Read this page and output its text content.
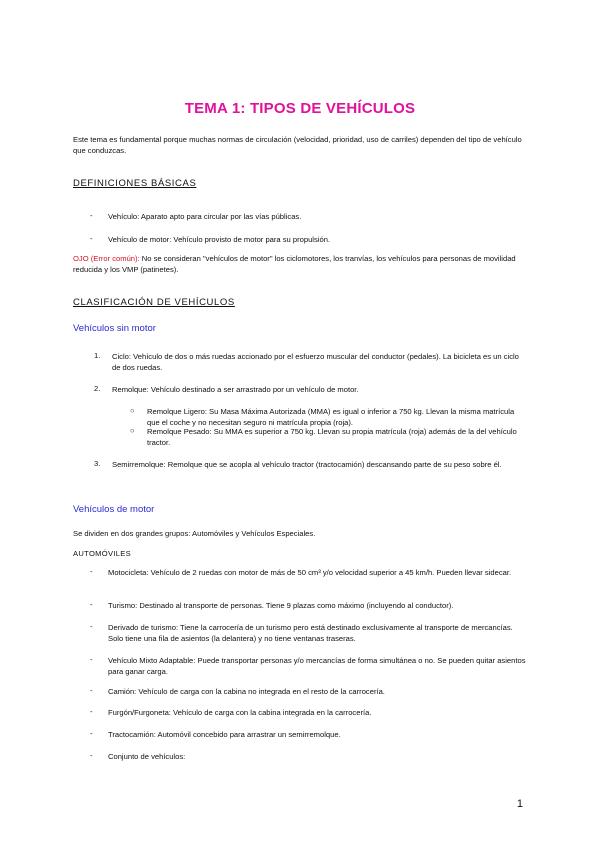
TEMA 1: TIPOS DE VEHÍCULOS
Este tema es fundamental porque muchas normas de circulación (velocidad, prioridad, uso de carriles) dependen del tipo de vehículo que conduzcas.
DEFINICIONES BÁSICAS
- Vehículo: Aparato apto para circular por las vías públicas.
- Vehículo de motor: Vehículo provisto de motor para su propulsión.
OJO (Error común): No se consideran "vehículos de motor" los ciclomotores, los tranvías, los vehículos para personas de movilidad reducida y los VMP (patinetes).
CLASIFICACIÓN DE VEHÍCULOS
Vehículos sin motor
1. Ciclo: Vehículo de dos o más ruedas accionado por el esfuerzo muscular del conductor (pedales). La bicicleta es un ciclo de dos ruedas.
2. Remolque: Vehículo destinado a ser arrastrado por un vehículo de motor.
○ Remolque Ligero: Su Masa Máxima Autorizada (MMA) es igual o inferior a 750 kg. Llevan la misma matrícula que el coche y no necesitan seguro ni matrícula propia (roja).
○ Remolque Pesado: Su MMA es superior a 750 kg. Llevan su propia matrícula (roja) además de la del vehículo tractor.
3. Semirremolque: Remolque que se acopla al vehículo tractor (tractocamión) descansando parte de su peso sobre él.
Vehículos de motor
Se dividen en dos grandes grupos: Automóviles y Vehículos Especiales.
AUTOMÓVILES
- Motocicleta: Vehículo de 2 ruedas con motor de más de 50 cm³ y/o velocidad superior a 45 km/h. Pueden llevar sidecar.
- Turismo: Destinado al transporte de personas. Tiene 9 plazas como máximo (incluyendo al conductor).
- Derivado de turismo: Tiene la carrocería de un turismo pero está destinado exclusivamente al transporte de mercancías. Solo tiene una fila de asientos (la delantera) y no tiene ventanas traseras.
- Vehículo Mixto Adaptable: Puede transportar personas y/o mercancías de forma simultánea o no. Se pueden quitar asientos para ganar carga.
- Camión: Vehículo de carga con la cabina no integrada en el resto de la carrocería.
- Furgón/Furgoneta: Vehículo de carga con la cabina integrada en la carrocería.
- Tractocamión: Automóvil concebido para arrastrar un semirremolque.
- Conjunto de vehículos:
1
